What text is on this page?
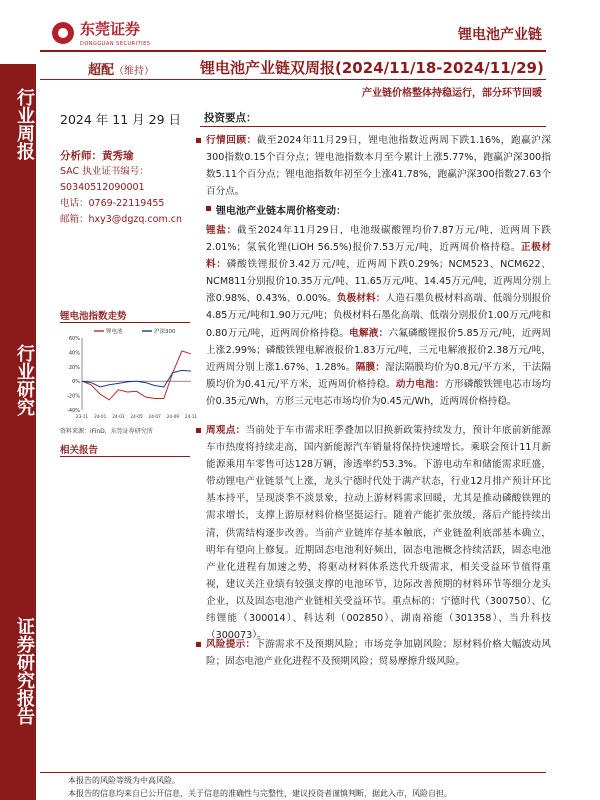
行业周报
行业研究
证券研究报告
东莞证券
DONGGUAN SECURITIES
锂电池产业链
超配（维持）	锂电池产业链双周报(2024/11/18-2024/11/29)
产业链价格整体持稳运行，部分环节回暖
2024 年 11 月 29 日
分析师：黄秀瑜
SAC 执业证书编号：
S0340512090001
电话：0769-22119455
邮箱：hxy3@dgzq.com.cn
锂电池指数走势
60%
40%
20%
0%
-20%
-40%
23-11 24-01 24-03 24-05 24-07 24-09 24-11
锂电池	沪深300
资料来源：iFinD，东莞证券研究所
相关报告
投资要点：
行情回顾：截至2024年11月29日，锂电池指数近两周下跌1.16%，跑赢沪深300指数0.15个百分点；锂电池指数本月至今累计上涨5.77%，跑赢沪深300指数5.11个百分点；锂电池指数年初至今上涨41.78%，跑赢沪深300指数27.63个百分点。
锂电池产业链本周价格变动：
锂盐：截至2024年11月29日，电池级碳酸锂均价7.87万元/吨，近两周下跌2.01%；氢氧化锂(LiOH 56.5%)报价7.53万元/吨，近两周价格持稳。正极材料：磷酸铁锂报价3.42万元/吨，近两周下跌0.29%；NCM523、NCM622、NCM811分别报价10.35万元/吨、11.65万元/吨、14.45万元/吨，近两周分别上涨0.98%、0.43%、0.00%。负极材料：人造石墨负极材料高端、低端分别报价4.85万元/吨和1.90万元/吨；负极材料石墨化高端、低端分别报价1.00万元/吨和0.80万元/吨，近两周价格持稳。电解液：六氟磷酸锂报价5.85万元/吨，近两周上涨2.99%；磷酸铁锂电解液报价1.83万元/吨，三元电解液报价2.38万元/吨，近两周分别上涨1.67%、1.28%。隔膜：湿法隔膜均价为0.8元/平方米，干法隔膜均价为0.41元/平方米，近两周价格持稳。动力电池：方形磷酸铁锂电芯市场均价0.35元/Wh，方形三元电芯市场均价为0.45元/Wh，近两周价格持稳。
周观点：当前处于车市需求旺季叠加以旧换新政策持续发力，预计年底前新能源车市热度将持续走高，国内新能源汽车销量将保持快速增长。乘联会预计11月新能源乘用车零售可达128万辆，渗透率约53.3%。下游电动车和储能需求旺盛，带动锂电产业链景气上涨，龙头宁德时代处于满产状态，行业12月排产预计环比基本持平，呈现淡季不淡景象，拉动上游材料需求回暖，尤其是推动磷酸铁锂的需求增长，支撑上游原材料价格坚挺运行。随着产能扩张放缓，落后产能持续出清，供需结构逐步改善。当前产业链库存基本触底，产业链盈利底部基本确立，明年有望向上修复。近期固态电池利好频出，固态电池概念持续活跃，固态电池产业化进程有加速之势，将驱动材料体系迭代升级需求，相关受益环节值得重视，建议关注业绩有较强支撑的电池环节，边际改善预期的材料环节等细分龙头企业，以及固态电池产业链相关受益环节。重点标的：宁德时代（300750）、亿纬锂能（300014）、科达利（002850）、湖南裕能（301358）、当升科技（300073）。
风险提示：下游需求不及预期风险；市场竞争加剧风险；原材料价格大幅波动风险；固态电池产业化进程不及预期风险；贸易摩擦升级风险。
本报告的风险等级为中高风险。
本报告的信息均来自已公开信息，关于信息的准确性与完整性，建议投资者谨慎判断，据此入市，风险自担。
